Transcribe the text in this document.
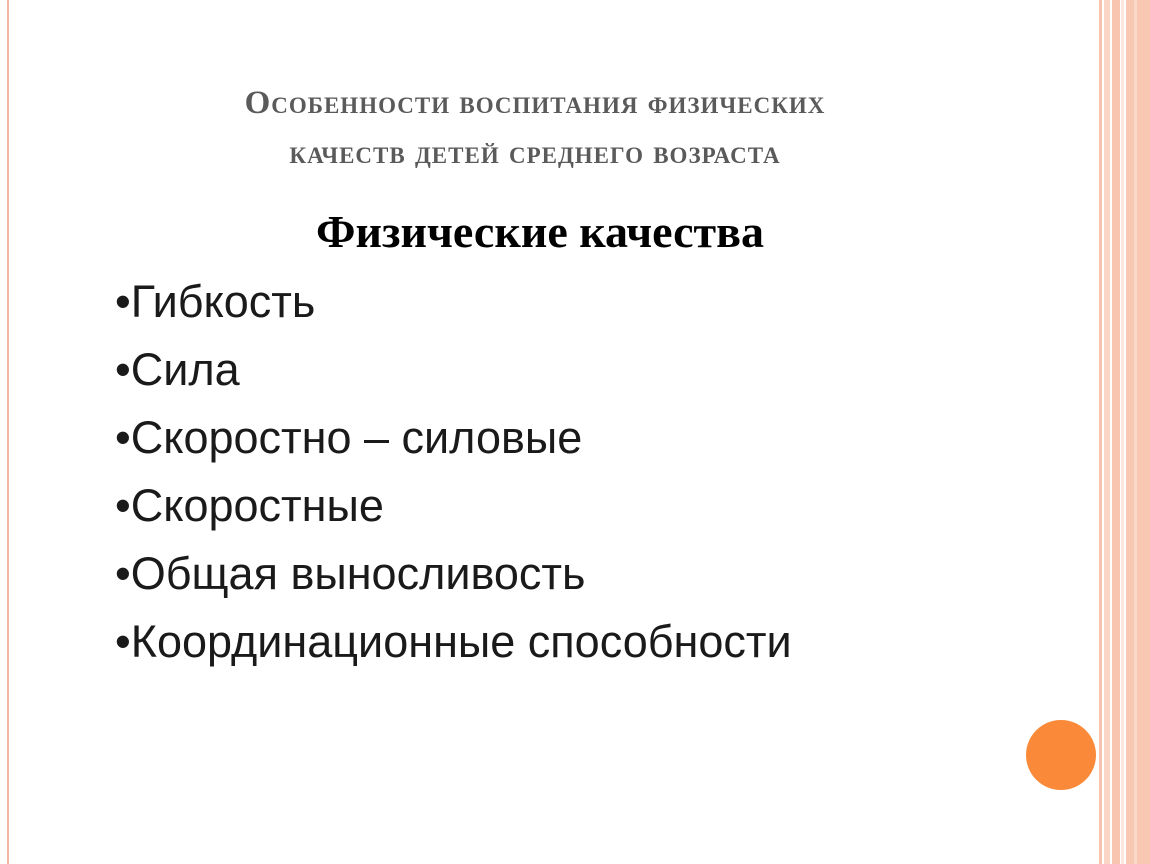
Особенности воспитания физических
качеств детей среднего возраста
Физические качества
•Гибкость
•Сила
•Скоростно – силовые
•Скоростные
•Общая выносливость
•Координационные способности
